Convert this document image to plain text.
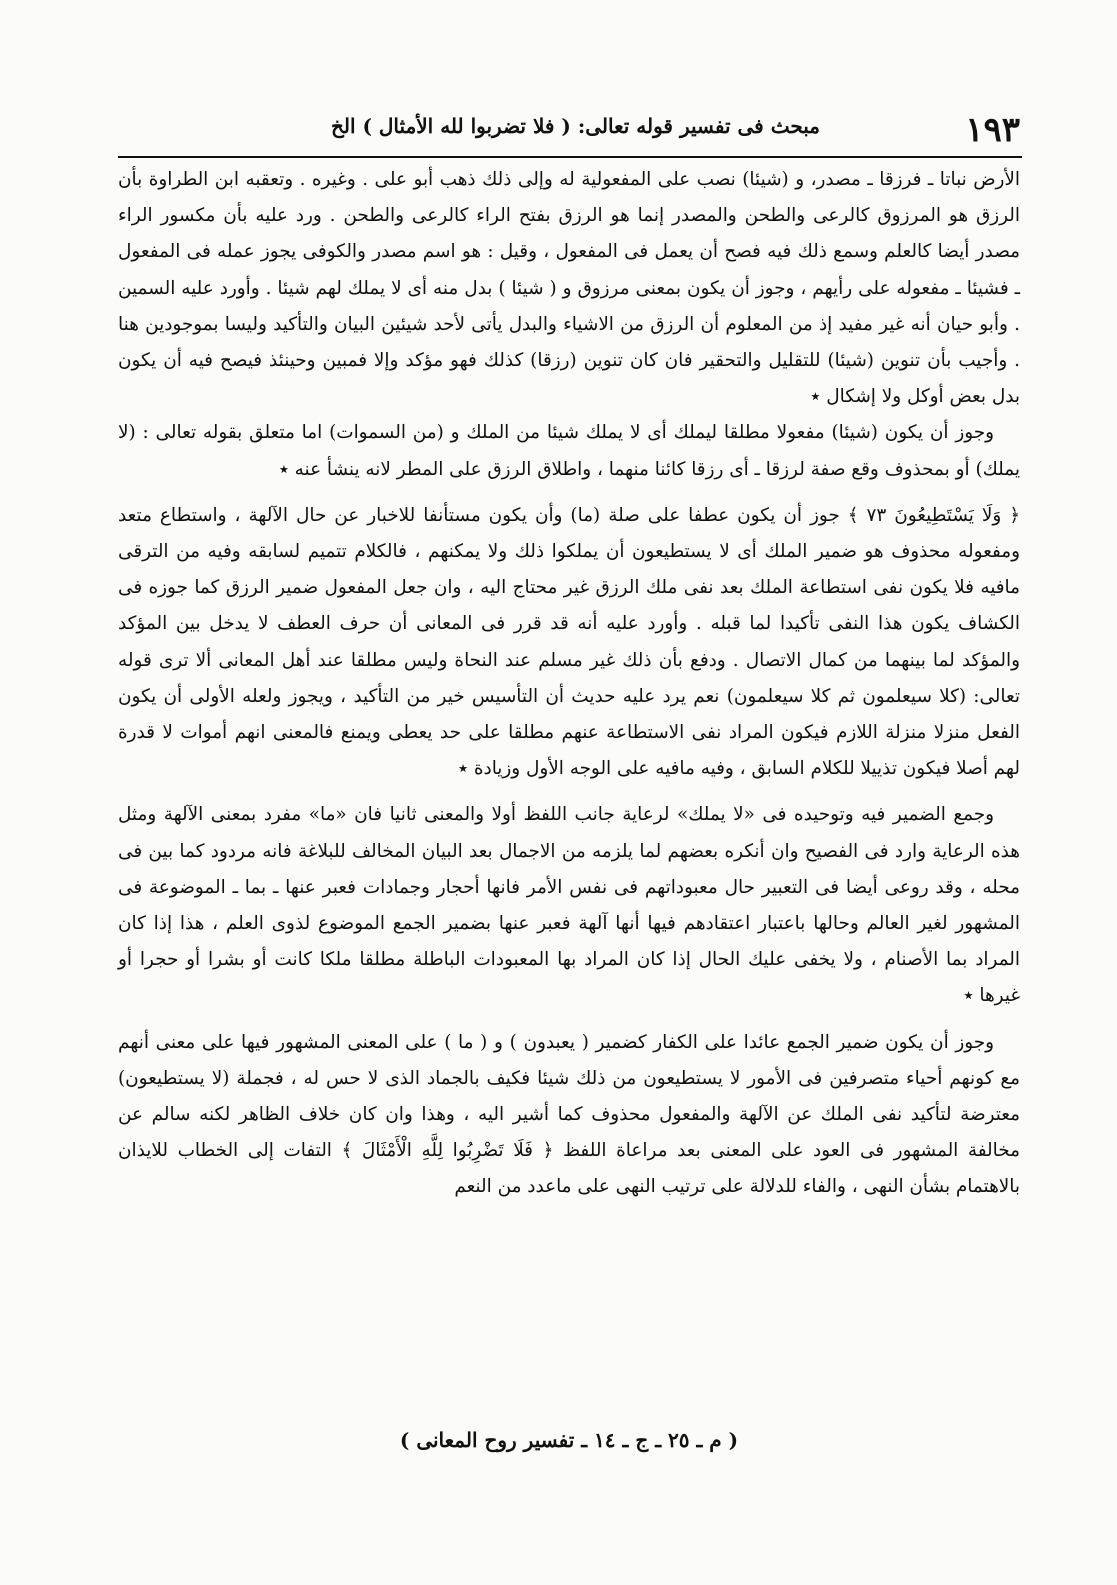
١٩٣
مبحث فى تفسير قوله تعالى: ( فلا تضربوا لله الأمثال ) الخ

الأرض نباتا ـ فرزقا ـ مصدر، و (شيئا) نصب على المفعولية له وإلى ذلك ذهب أبو على . وغيره . وتعقبه ابن الطراوة بأن الرزق هو المرزوق كالرعى والطحن والمصدر إنما هو الرزق بفتح الراء كالرعى والطحن . ورد عليه بأن مكسور الراء مصدر أيضا كالعلم وسمع ذلك فيه فصح أن يعمل فى المفعول ، وقيل : هو اسم مصدر والكوفى يجوز عمله فى المفعول ـ فشيئا ـ مفعوله على رأيهم ، وجوز أن يكون بمعنى مرزوق و ( شيئا ) بدل منه أى لا يملك لهم شيئا . وأورد عليه السمين . وأبو حيان أنه غير مفيد إذ من المعلوم أن الرزق من الاشياء والبدل يأتى لأحد شيئين البيان والتأكيد وليسا بموجودين هنا . وأجيب بأن تنوين (شيئا) للتقليل والتحقير فان كان تنوين (رزقا) كذلك فهو مؤكد وإلا فمبين وحينئذ فيصح فيه أن يكون بدل بعض أوكل ولا إشكال ٭

وجوز أن يكون (شيئا) مفعولا مطلقا ليملك أى لا يملك شيئا من الملك و (من السموات) اما متعلق بقوله تعالى : (لا يملك) أو بمحذوف وقع صفة لرزقا ـ أى رزقا كائنا منهما ، واطلاق الرزق على المطر لانه ينشأ عنه ٭

﴿ وَلَا يَسْتَطِيعُونَ ٧٣ ﴾ جوز أن يكون عطفا على صلة (ما) وأن يكون مستأنفا للاخبار عن حال الآلهة ، واستطاع متعد ومفعوله محذوف هو ضمير الملك أى لا يستطيعون أن يملكوا ذلك ولا يمكنهم ، فالكلام تتميم لسابقه وفيه من الترقى مافيه فلا يكون نفى استطاعة الملك بعد نفى ملك الرزق غير محتاج اليه ، وان جعل المفعول ضمير الرزق كما جوزه فى الكشاف يكون هذا النفى تأكيدا لما قبله . وأورد عليه أنه قد قرر فى المعانى أن حرف العطف لا يدخل بين المؤكد والمؤكد لما بينهما من كمال الاتصال . ودفع بأن ذلك غير مسلم عند النحاة وليس مطلقا عند أهل المعانى ألا ترى قوله تعالى: (كلا سيعلمون ثم كلا سيعلمون) نعم يرد عليه حديث أن التأسيس خير من التأكيد ، ويجوز ولعله الأولى أن يكون الفعل منزلا منزلة اللازم فيكون المراد نفى الاستطاعة عنهم مطلقا على حد يعطى ويمنع فالمعنى انهم أموات لا قدرة لهم أصلا فيكون تذييلا للكلام السابق ، وفيه مافيه على الوجه الأول وزيادة ٭

وجمع الضمير فيه وتوحيده فى «لا يملك» لرعاية جانب اللفظ أولا والمعنى ثانيا فان «ما» مفرد بمعنى الآلهة ومثل هذه الرعاية وارد فى الفصيح وان أنكره بعضهم لما يلزمه من الاجمال بعد البيان المخالف للبلاغة فانه مردود كما بين فى محله ، وقد روعى أيضا فى التعبير حال معبوداتهم فى نفس الأمر فانها أحجار وجمادات فعبر عنها ـ بما ـ الموضوعة فى المشهور لغير العالم وحالها باعتبار اعتقادهم فيها أنها آلهة فعبر عنها بضمير الجمع الموضوع لذوى العلم ، هذا إذا كان المراد بما الأصنام ، ولا يخفى عليك الحال إذا كان المراد بها المعبودات الباطلة مطلقا ملكا كانت أو بشرا أو حجرا أو غيرها ٭

وجوز أن يكون ضمير الجمع عائدا على الكفار كضمير ( يعبدون ) و ( ما ) على المعنى المشهور فيها على معنى أنهم مع كونهم أحياء متصرفين فى الأمور لا يستطيعون من ذلك شيئا فكيف بالجماد الذى لا حس له ، فجملة (لا يستطيعون) معترضة لتأكيد نفى الملك عن الآلهة والمفعول محذوف كما أشير اليه ، وهذا وان كان خلاف الظاهر لكنه سالم عن مخالفة المشهور فى العود على المعنى بعد مراعاة اللفظ ﴿ فَلَا تَضْرِبُوا لِلَّهِ الْأَمْثَالَ ﴾ التفات إلى الخطاب للايذان بالاهتمام بشأن النهى ، والفاء للدلالة على ترتيب النهى على ماعدد من النعم

( م ـ ٢٥ ـ ج ـ ١٤ ـ تفسير روح المعانى )
